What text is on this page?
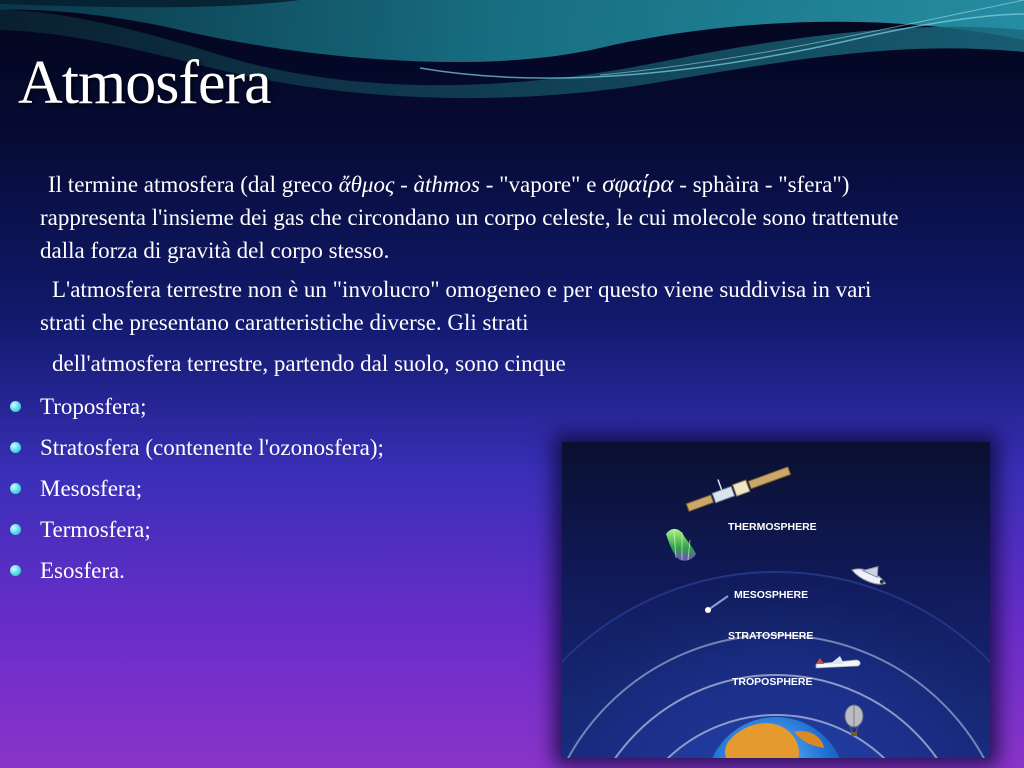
Atmosfera

Il termine atmosfera (dal greco ἄθμος - àthmos - "vapore" e σφαίρα - sphàira - "sfera") rappresenta l'insieme dei gas che circondano un corpo celeste, le cui molecole sono trattenute dalla forza di gravità del corpo stesso.

L'atmosfera terrestre non è un "involucro" omogeneo e per questo viene suddivisa in vari strati che presentano caratteristiche diverse. Gli strati
dell'atmosfera terrestre, partendo dal suolo, sono cinque

Troposfera;
Stratosfera (contenente l'ozonosfera);
Mesosfera;
Termosfera;
Esosfera.
THERMOSPHERE
MESOSPHERE
STRATOSPHERE
TROPOSPHERE
